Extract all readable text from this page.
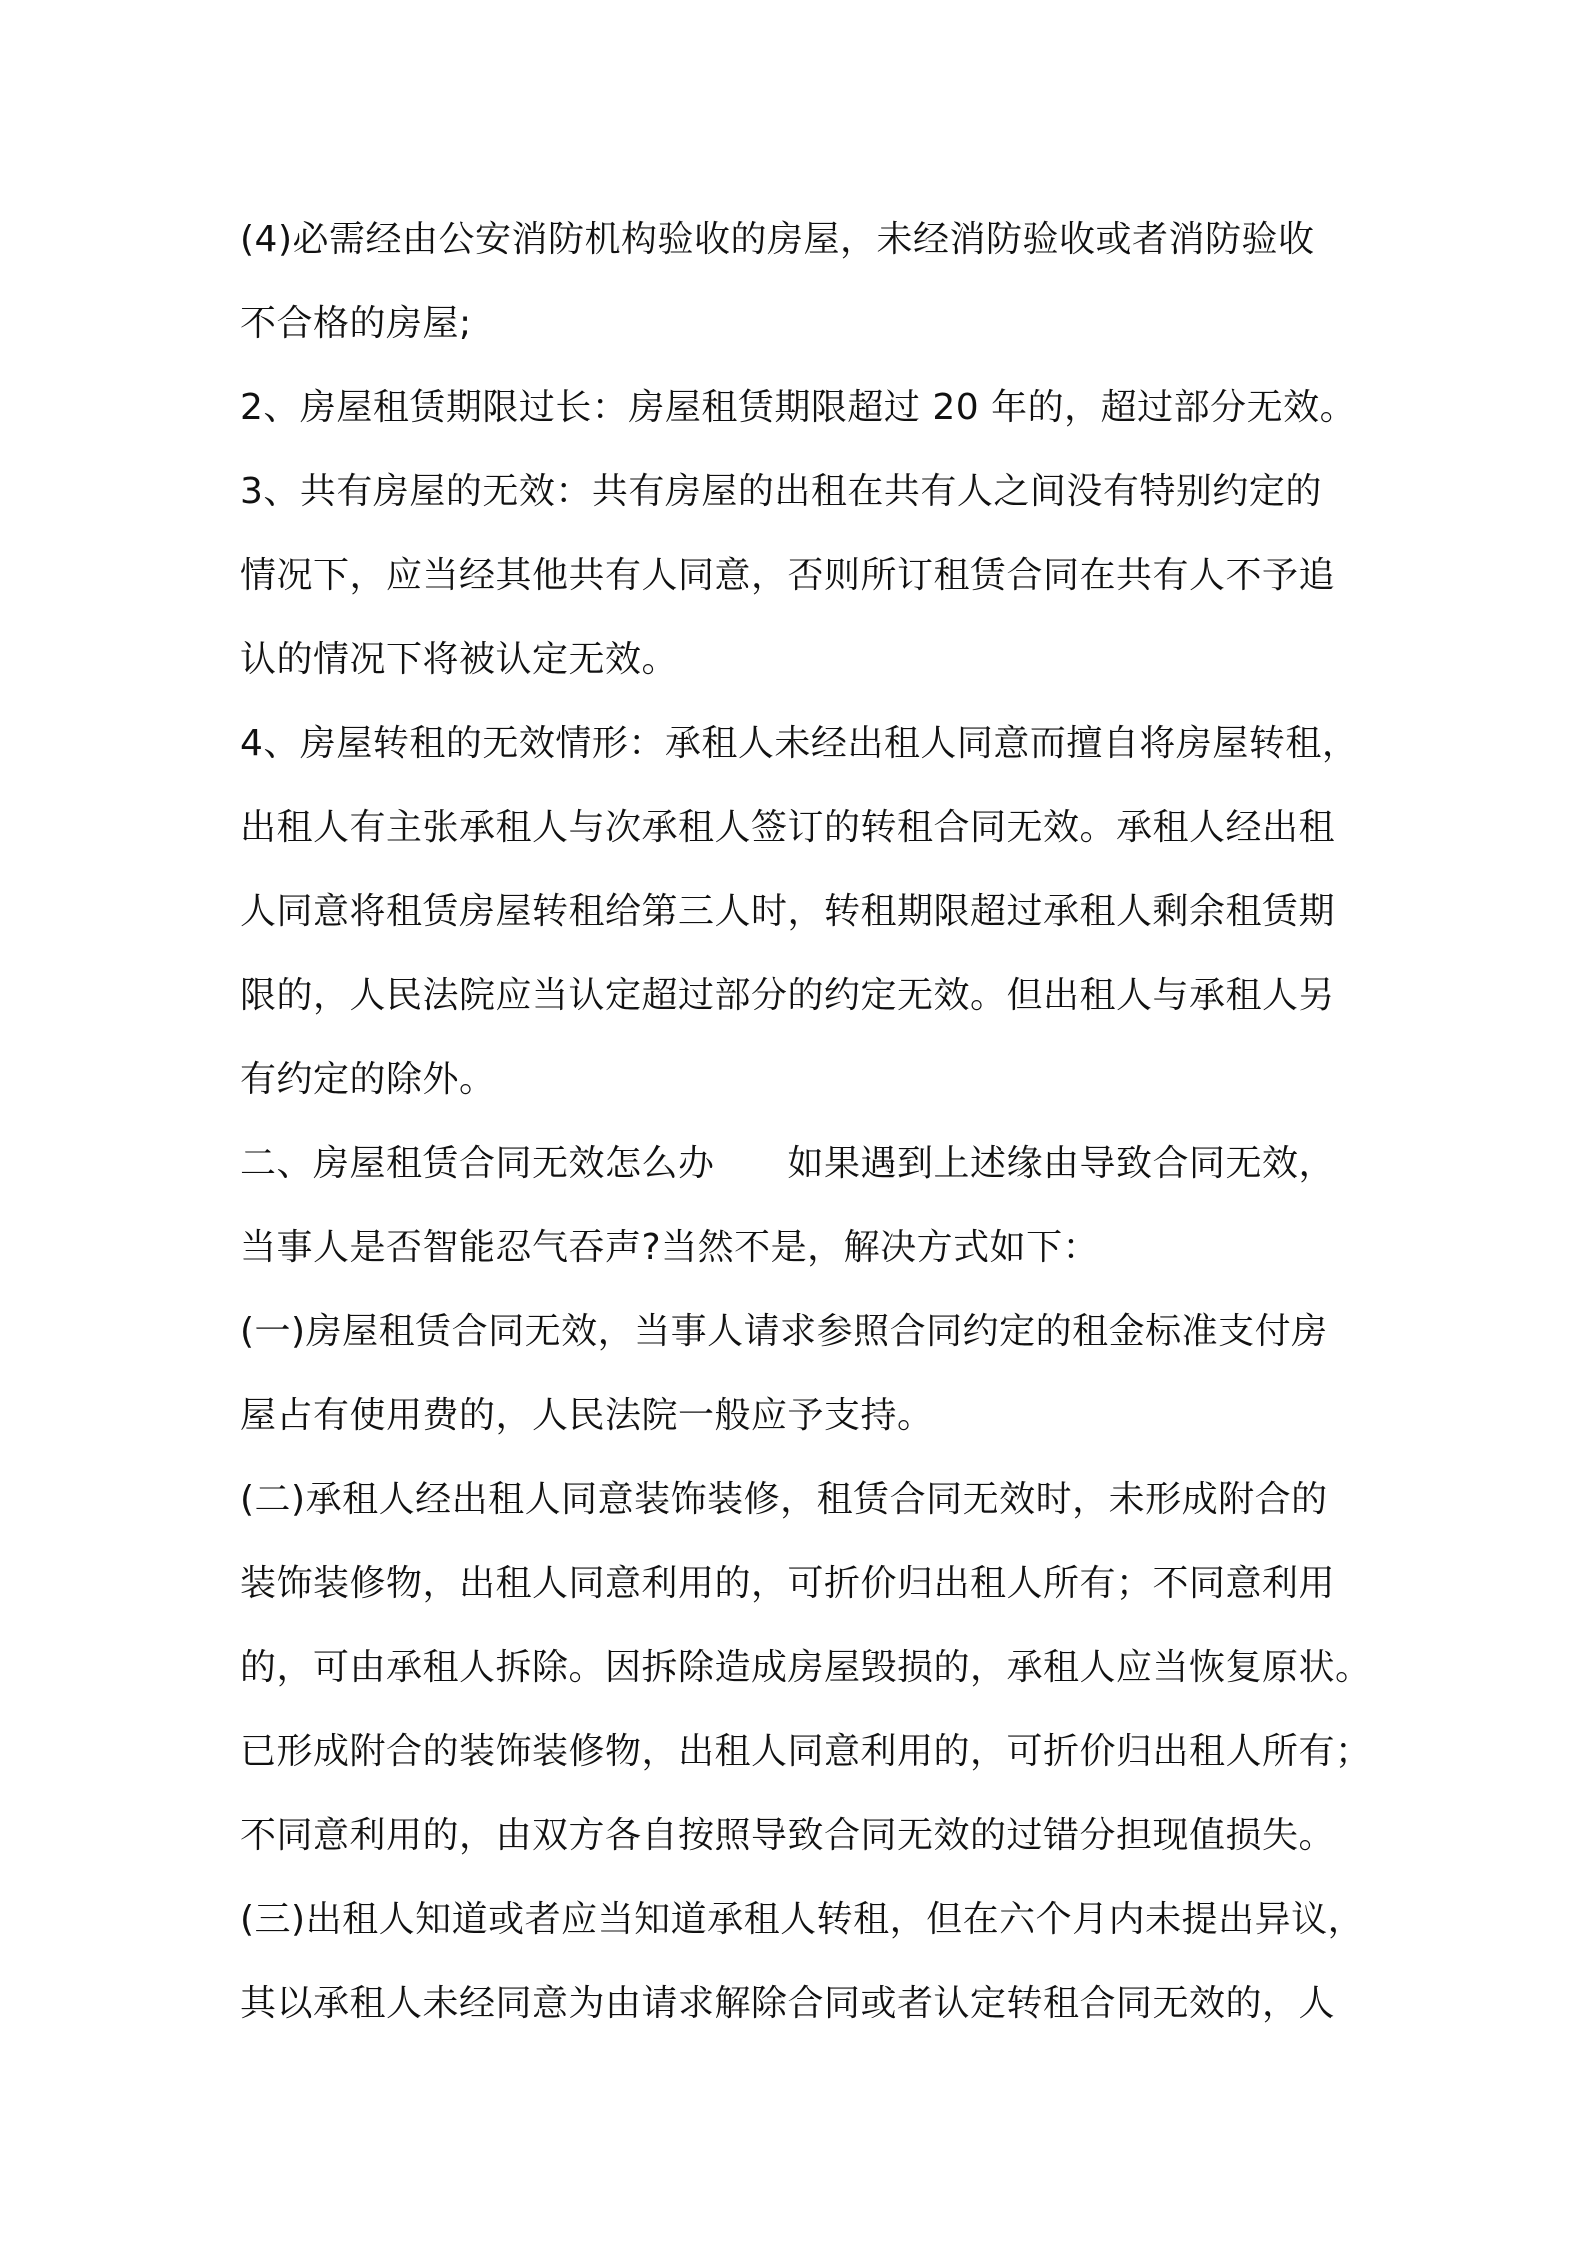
(4)必需经由公安消防机构验收的房屋，未经消防验收或者消防验收
不合格的房屋;
2、房屋租赁期限过长：房屋租赁期限超过 20 年的，超过部分无效。
3、共有房屋的无效：共有房屋的出租在共有人之间没有特别约定的
情况下，应当经其他共有人同意，否则所订租赁合同在共有人不予追
认的情况下将被认定无效。
4、房屋转租的无效情形：承租人未经出租人同意而擅自将房屋转租，
出租人有主张承租人与次承租人签订的转租合同无效。承租人经出租
人同意将租赁房屋转租给第三人时，转租期限超过承租人剩余租赁期
限的，人民法院应当认定超过部分的约定无效。但出租人与承租人另
有约定的除外。
二、房屋租赁合同无效怎么办　　如果遇到上述缘由导致合同无效，
当事人是否智能忍气吞声?当然不是，解决方式如下：
(一)房屋租赁合同无效，当事人请求参照合同约定的租金标准支付房
屋占有使用费的，人民法院一般应予支持。
(二)承租人经出租人同意装饰装修，租赁合同无效时，未形成附合的
装饰装修物，出租人同意利用的，可折价归出租人所有；不同意利用
的，可由承租人拆除。因拆除造成房屋毁损的，承租人应当恢复原状。
已形成附合的装饰装修物，出租人同意利用的，可折价归出租人所有；
不同意利用的，由双方各自按照导致合同无效的过错分担现值损失。
(三)出租人知道或者应当知道承租人转租，但在六个月内未提出异议，
其以承租人未经同意为由请求解除合同或者认定转租合同无效的，人
